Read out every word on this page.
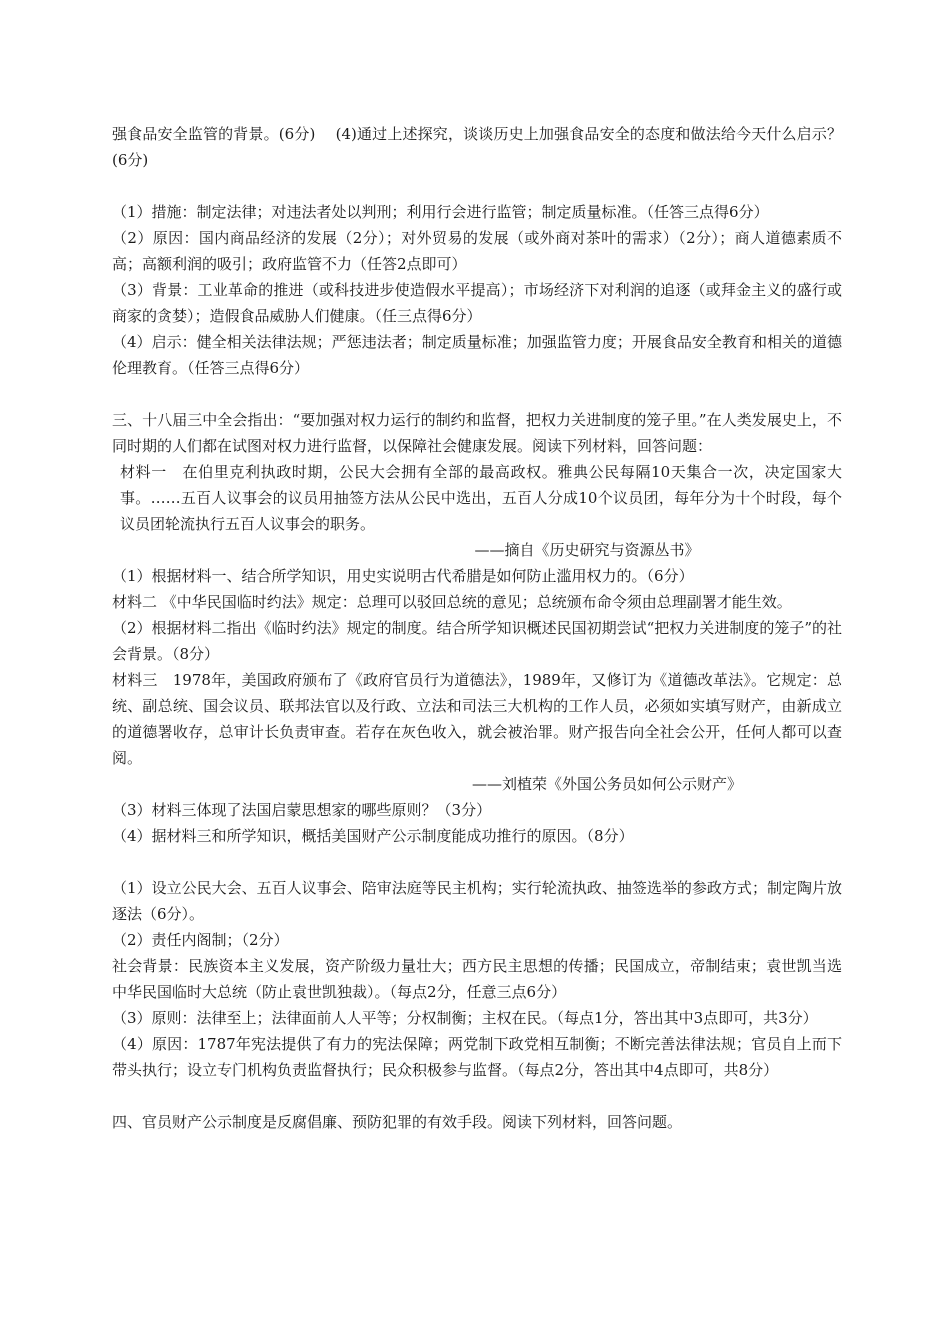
强食品安全监管的背景。(6分)　 (4)通过上述探究，谈谈历史上加强食品安全的态度和做法给今天什么启示？ (6分)

（1）措施：制定法律；对违法者处以判刑；利用行会进行监管；制定质量标准。（任答三点得6分）

（2）原因：国内商品经济的发展（2分）；对外贸易的发展（或外商对茶叶的需求）（2分）；商人道德素质不高；高额利润的吸引；政府监管不力（任答2点即可）

（3）背景：工业革命的推进（或科技进步使造假水平提高）；市场经济下对利润的追逐（或拜金主义的盛行或商家的贪婪）；造假食品威胁人们健康。（任三点得6分）

（4）启示：健全相关法律法规；严惩违法者；制定质量标准；加强监管力度；开展食品安全教育和相关的道德伦理教育。（任答三点得6分）

三、十八届三中全会指出：“要加强对权力运行的制约和监督，把权力关进制度的笼子里。”在人类发展史上，不同时期的人们都在试图对权力进行监督，以保障社会健康发展。阅读下列材料，回答问题：

材料一　在伯里克利执政时期，公民大会拥有全部的最高政权。雅典公民每隔10天集合一次，决定国家大事。……五百人议事会的议员用抽签方法从公民中选出，五百人分成10个议员团，每年分为十个时段，每个议员团轮流执行五百人议事会的职务。

——摘自《历史研究与资源丛书》

（1）根据材料一、结合所学知识，用史实说明古代希腊是如何防止滥用权力的。（6分）

材料二 《中华民国临时约法》规定：总理可以驳回总统的意见；总统颁布命令须由总理副署才能生效。

（2）根据材料二指出《临时约法》规定的制度。结合所学知识概述民国初期尝试“把权力关进制度的笼子”的社会背景。（8分）

材料三　1978年，美国政府颁布了《政府官员行为道德法》，1989年，又修订为《道德改革法》。它规定：总统、副总统、国会议员、联邦法官以及行政、立法和司法三大机构的工作人员，必须如实填写财产，由新成立的道德署收存，总审计长负责审查。若存在灰色收入，就会被治罪。财产报告向全社会公开，任何人都可以查阅。

——刘植荣《外国公务员如何公示财产》

（3）材料三体现了法国启蒙思想家的哪些原则？（3分）

（4）据材料三和所学知识，概括美国财产公示制度能成功推行的原因。（8分）

（1）设立公民大会、五百人议事会、陪审法庭等民主机构；实行轮流执政、抽签选举的参政方式；制定陶片放逐法（6分）。

（2）责任内阁制；（2分）

社会背景：民族资本主义发展，资产阶级力量壮大；西方民主思想的传播；民国成立，帝制结束；袁世凯当选中华民国临时大总统（防止袁世凯独裁）。（每点2分，任意三点6分）

（3）原则：法律至上；法律面前人人平等；分权制衡；主权在民。（每点1分，答出其中3点即可，共3分）

（4）原因：1787年宪法提供了有力的宪法保障；两党制下政党相互制衡；不断完善法律法规；官员自上而下带头执行；设立专门机构负责监督执行；民众积极参与监督。（每点2分，答出其中4点即可，共8分）

四、官员财产公示制度是反腐倡廉、预防犯罪的有效手段。阅读下列材料，回答问题。
